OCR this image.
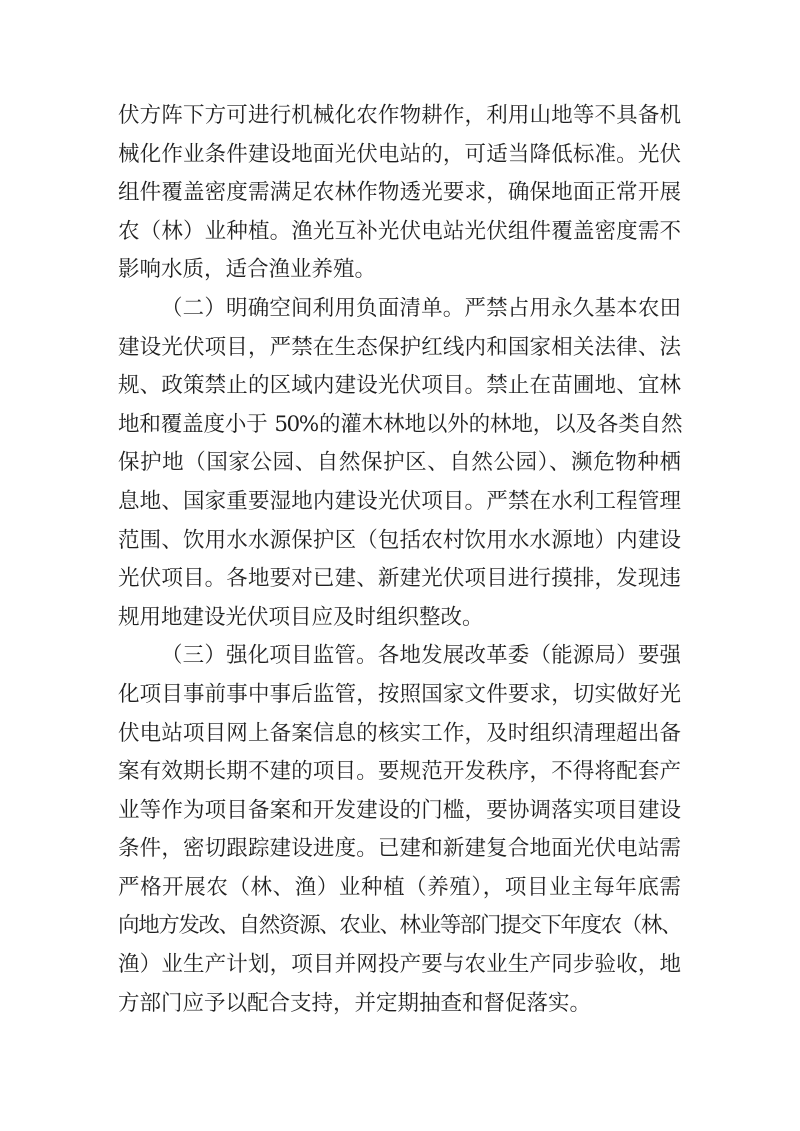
伏方阵下方可进行机械化农作物耕作，利用山地等不具备机
械化作业条件建设地面光伏电站的，可适当降低标准。光伏
组件覆盖密度需满足农林作物透光要求，确保地面正常开展
农（林）业种植。渔光互补光伏电站光伏组件覆盖密度需不
影响水质，适合渔业养殖。
（二）明确空间利用负面清单。严禁占用永久基本农田
建设光伏项目，严禁在生态保护红线内和国家相关法律、法
规、政策禁止的区域内建设光伏项目。禁止在苗圃地、宜林
地和覆盖度小于 50%的灌木林地以外的林地，以及各类自然
保护地（国家公园、自然保护区、自然公园）、濒危物种栖
息地、国家重要湿地内建设光伏项目。严禁在水利工程管理
范围、饮用水水源保护区（包括农村饮用水水源地）内建设
光伏项目。各地要对已建、新建光伏项目进行摸排，发现违
规用地建设光伏项目应及时组织整改。
（三）强化项目监管。各地发展改革委（能源局）要强
化项目事前事中事后监管，按照国家文件要求，切实做好光
伏电站项目网上备案信息的核实工作，及时组织清理超出备
案有效期长期不建的项目。要规范开发秩序，不得将配套产
业等作为项目备案和开发建设的门槛，要协调落实项目建设
条件，密切跟踪建设进度。已建和新建复合地面光伏电站需
严格开展农（林、渔）业种植（养殖），项目业主每年底需
向地方发改、自然资源、农业、林业等部门提交下年度农（林、
渔）业生产计划，项目并网投产要与农业生产同步验收，地
方部门应予以配合支持，并定期抽查和督促落实。
